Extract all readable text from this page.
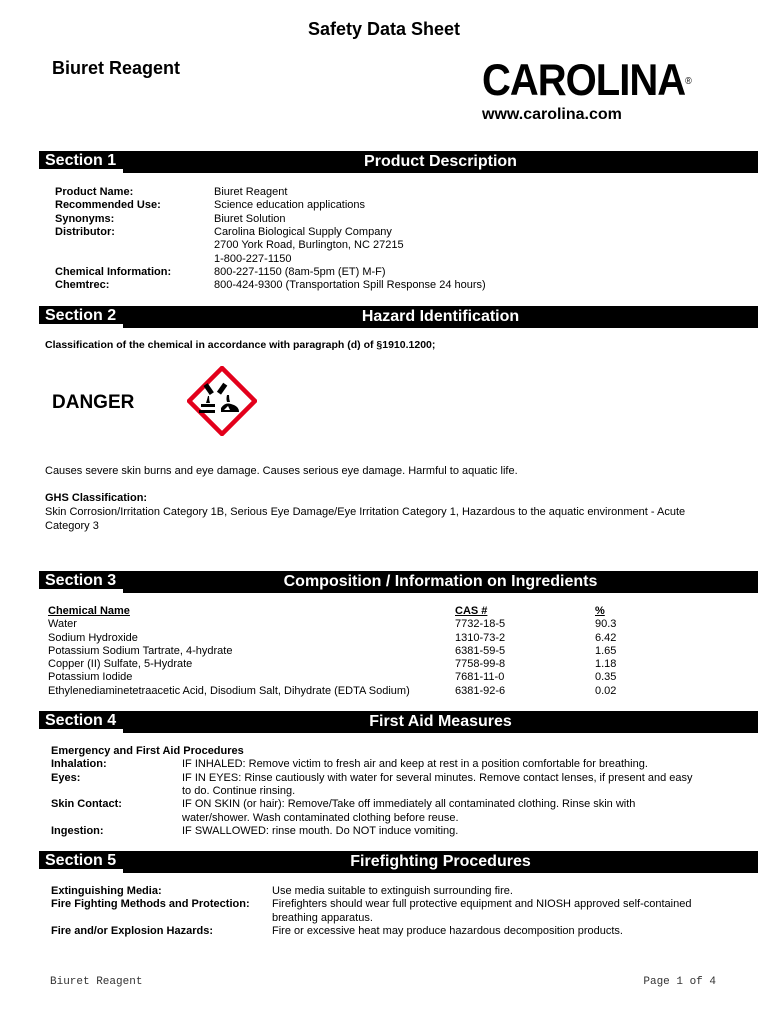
Safety Data Sheet
Biuret Reagent	CAROLINA®
www.carolina.com
Section 1	Product Description
Product Name:	Biuret Reagent
Recommended Use:	Science education applications
Synonyms:	Biuret Solution
Distributor:	Carolina Biological Supply Company
2700 York Road, Burlington, NC 27215
1-800-227-1150
Chemical Information:	800-227-1150 (8am-5pm (ET) M-F)
Chemtrec:	800-424-9300 (Transportation Spill Response 24 hours)
Section 2	Hazard Identification
Classification of the chemical in accordance with paragraph (d) of §1910.1200;
DANGER
Causes severe skin burns and eye damage. Causes serious eye damage. Harmful to aquatic life.
GHS Classification:
Skin Corrosion/Irritation Category 1B, Serious Eye Damage/Eye Irritation Category 1, Hazardous to the aquatic environment - Acute Category 3
Section 3	Composition / Information on Ingredients
Chemical Name	CAS #	%
Water	7732-18-5	90.3
Sodium Hydroxide	1310-73-2	6.42
Potassium Sodium Tartrate, 4-hydrate	6381-59-5	1.65
Copper (II) Sulfate, 5-Hydrate	7758-99-8	1.18
Potassium Iodide	7681-11-0	0.35
Ethylenediaminetetraacetic Acid, Disodium Salt, Dihydrate (EDTA Sodium)	6381-92-6	0.02
Section 4	First Aid Measures
Emergency and First Aid Procedures
Inhalation:	IF INHALED: Remove victim to fresh air and keep at rest in a position comfortable for breathing.
Eyes:	IF IN EYES: Rinse cautiously with water for several minutes. Remove contact lenses, if present and easy
to do. Continue rinsing.
Skin Contact:	IF ON SKIN (or hair): Remove/Take off immediately all contaminated clothing. Rinse skin with
water/shower. Wash contaminated clothing before reuse.
Ingestion:	IF SWALLOWED: rinse mouth. Do NOT induce vomiting.
Section 5	Firefighting Procedures
Extinguishing Media:	Use media suitable to extinguish surrounding fire.
Fire Fighting Methods and Protection: Firefighters should wear full protective equipment and NIOSH approved self-contained
breathing apparatus.
Fire and/or Explosion Hazards:	Fire or excessive heat may produce hazardous decomposition products.
Biuret Reagent	Page 1 of 4
